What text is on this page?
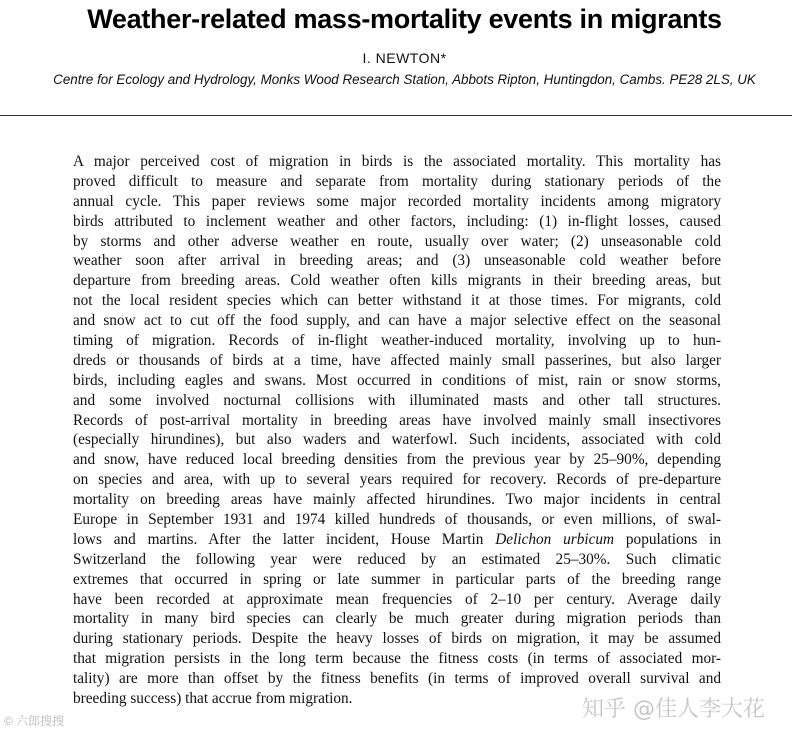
Weather-related mass-mortality events in migrants
I. NEWTON*
Centre for Ecology and Hydrology, Monks Wood Research Station, Abbots Ripton, Huntingdon, Cambs. PE28 2LS, UK
A major perceived cost of migration in birds is the associated mortality. This mortality has
proved difficult to measure and separate from mortality during stationary periods of the
annual cycle. This paper reviews some major recorded mortality incidents among migratory
birds attributed to inclement weather and other factors, including: (1) in-flight losses, caused
by storms and other adverse weather en route, usually over water; (2) unseasonable cold
weather soon after arrival in breeding areas; and (3) unseasonable cold weather before
departure from breeding areas. Cold weather often kills migrants in their breeding areas, but
not the local resident species which can better withstand it at those times. For migrants, cold
and snow act to cut off the food supply, and can have a major selective effect on the seasonal
timing of migration. Records of in-flight weather-induced mortality, involving up to hun-
dreds or thousands of birds at a time, have affected mainly small passerines, but also larger
birds, including eagles and swans. Most occurred in conditions of mist, rain or snow storms,
and some involved nocturnal collisions with illuminated masts and other tall structures.
Records of post-arrival mortality in breeding areas have involved mainly small insectivores
(especially hirundines), but also waders and waterfowl. Such incidents, associated with cold
and snow, have reduced local breeding densities from the previous year by 25–90%, depending
on species and area, with up to several years required for recovery. Records of pre-departure
mortality on breeding areas have mainly affected hirundines. Two major incidents in central
Europe in September 1931 and 1974 killed hundreds of thousands, or even millions, of swal-
lows and martins. After the latter incident, House Martin Delichon urbicum populations in
Switzerland the following year were reduced by an estimated 25–30%. Such climatic
extremes that occurred in spring or late summer in particular parts of the breeding range
have been recorded at approximate mean frequencies of 2–10 per century. Average daily
mortality in many bird species can clearly be much greater during migration periods than
during stationary periods. Despite the heavy losses of birds on migration, it may be assumed
that migration persists in the long term because the fitness costs (in terms of associated mor-
tality) are more than offset by the fitness benefits (in terms of improved overall survival and
breeding success) that accrue from migration.
© 六郎搜搜	知乎 @佳人李大花
